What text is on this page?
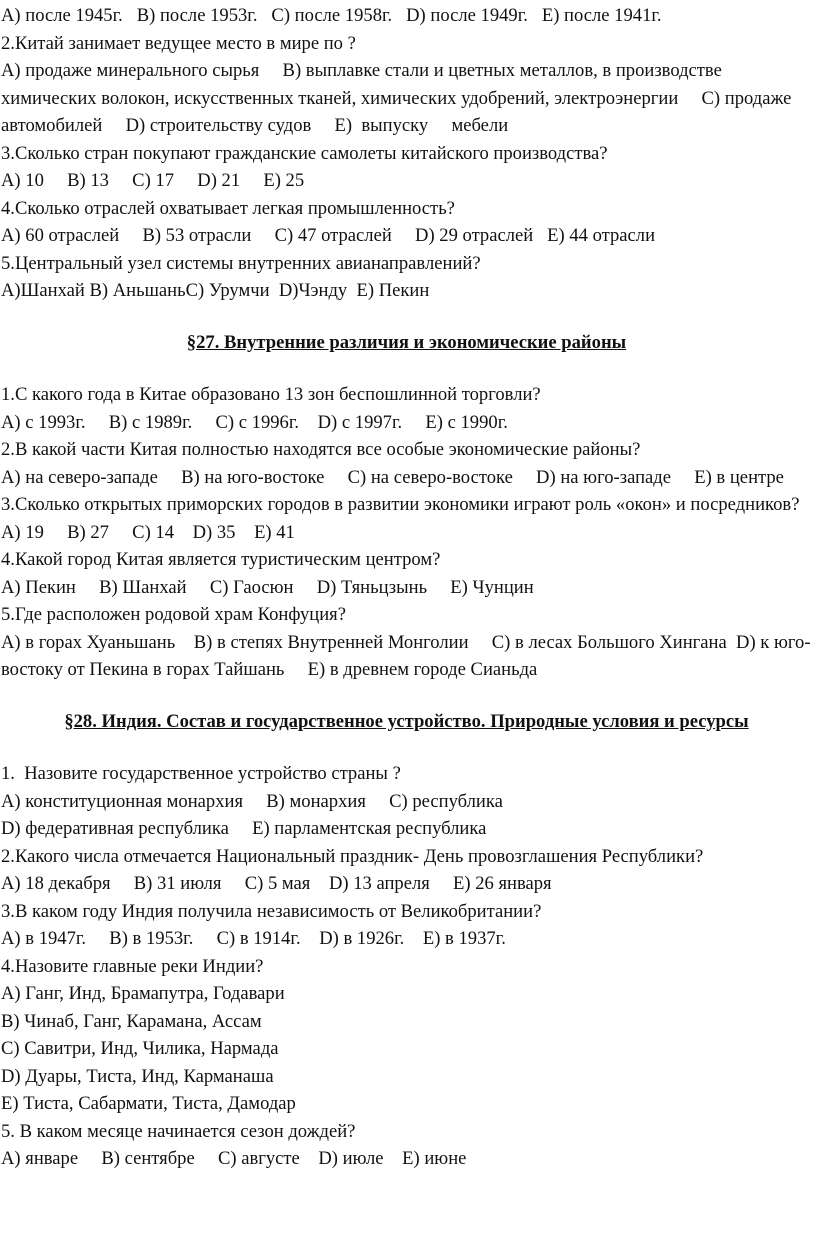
A) после 1945г.   B) после 1953г.   C) после 1958г.   D) после 1949г.   E) после 1941г.
2.Китай занимает ведущее место в мире по ?
А) продаже минерального сырья     В) выплавке стали и цветных металлов, в производстве химических волокон, искусственных тканей, химических удобрений, электроэнергии     С) продаже автомобилей     D) строительству судов     E)  выпуску     мебели
3.Сколько стран покупают гражданские самолеты китайского производства?
A) 10     B) 13     C) 17     D) 21     E) 25
4.Сколько отраслей охватывает легкая промышленность?
A) 60 отраслей     B) 53 отрасли     C) 47 отраслей     D) 29 отраслей   E) 44 отрасли
5.Центральный узел системы внутренних авианаправлений?
A)Шанхай B) АньшаньC) Урумчи  D)Чэнду  E) Пекин
§27. Внутренние различия и экономические районы
1.С какого года в Китае образовано 13 зон беспошлинной торговли?
А) с 1993г.     B) с 1989г.     C) с 1996г.    D) с 1997г.     E) с 1990г.
2.В какой части Китая полностью находятся все особые экономические районы?
А) на северо-западе     В) на юго-востоке     С) на северо-востоке     D) на юго-западе     E) в центре
3.Сколько открытых приморских городов в развитии экономики играют роль «окон» и посредников?
A) 19     B) 27     C) 14    D) 35    E) 41
4.Какой город Китая является туристическим центром?
А) Пекин     В) Шанхай     С) Гаосюн     D) Тяньцзынь     E) Чунцин
5.Где расположен родовой храм Конфуция?
А) в горах Хуаньшань    В) в степях Внутренней Монголии     С) в лесах Большого Хингана  D) к юго-востоку от Пекина в горах Тайшань     E) в древнем городе Сианьда
§28. Индия. Состав и государственное устройство. Природные условия и ресурсы
1.  Назовите государственное устройство страны ?
А) конституционная монархия     В) монархия     С) республика
D) федеративная республика     E) парламентская республика
2.Какого числа отмечается Национальный праздник- День провозглашения Республики?
А) 18 декабря     В) 31 июля     С) 5 мая    D) 13 апреля     E) 26 января
3.В каком году Индия получила независимость от Великобритании?
А) в 1947г.     В) в 1953г.     С) в 1914г.    D) в 1926г.    E) в 1937г.
4.Назовите главные реки Индии?
А) Ганг, Инд, Брамапутра, Годавари
В) Чинаб, Ганг, Карамана, Ассам
С) Савитри, Инд, Чилика, Нармада
D) Дуары, Тиста, Инд, Карманаша
E) Тиста, Сабармати, Тиста, Дамодар
5. В каком месяце начинается сезон дождей?
А) январе     В) сентябре     С) августе    D) июле    E) июне
